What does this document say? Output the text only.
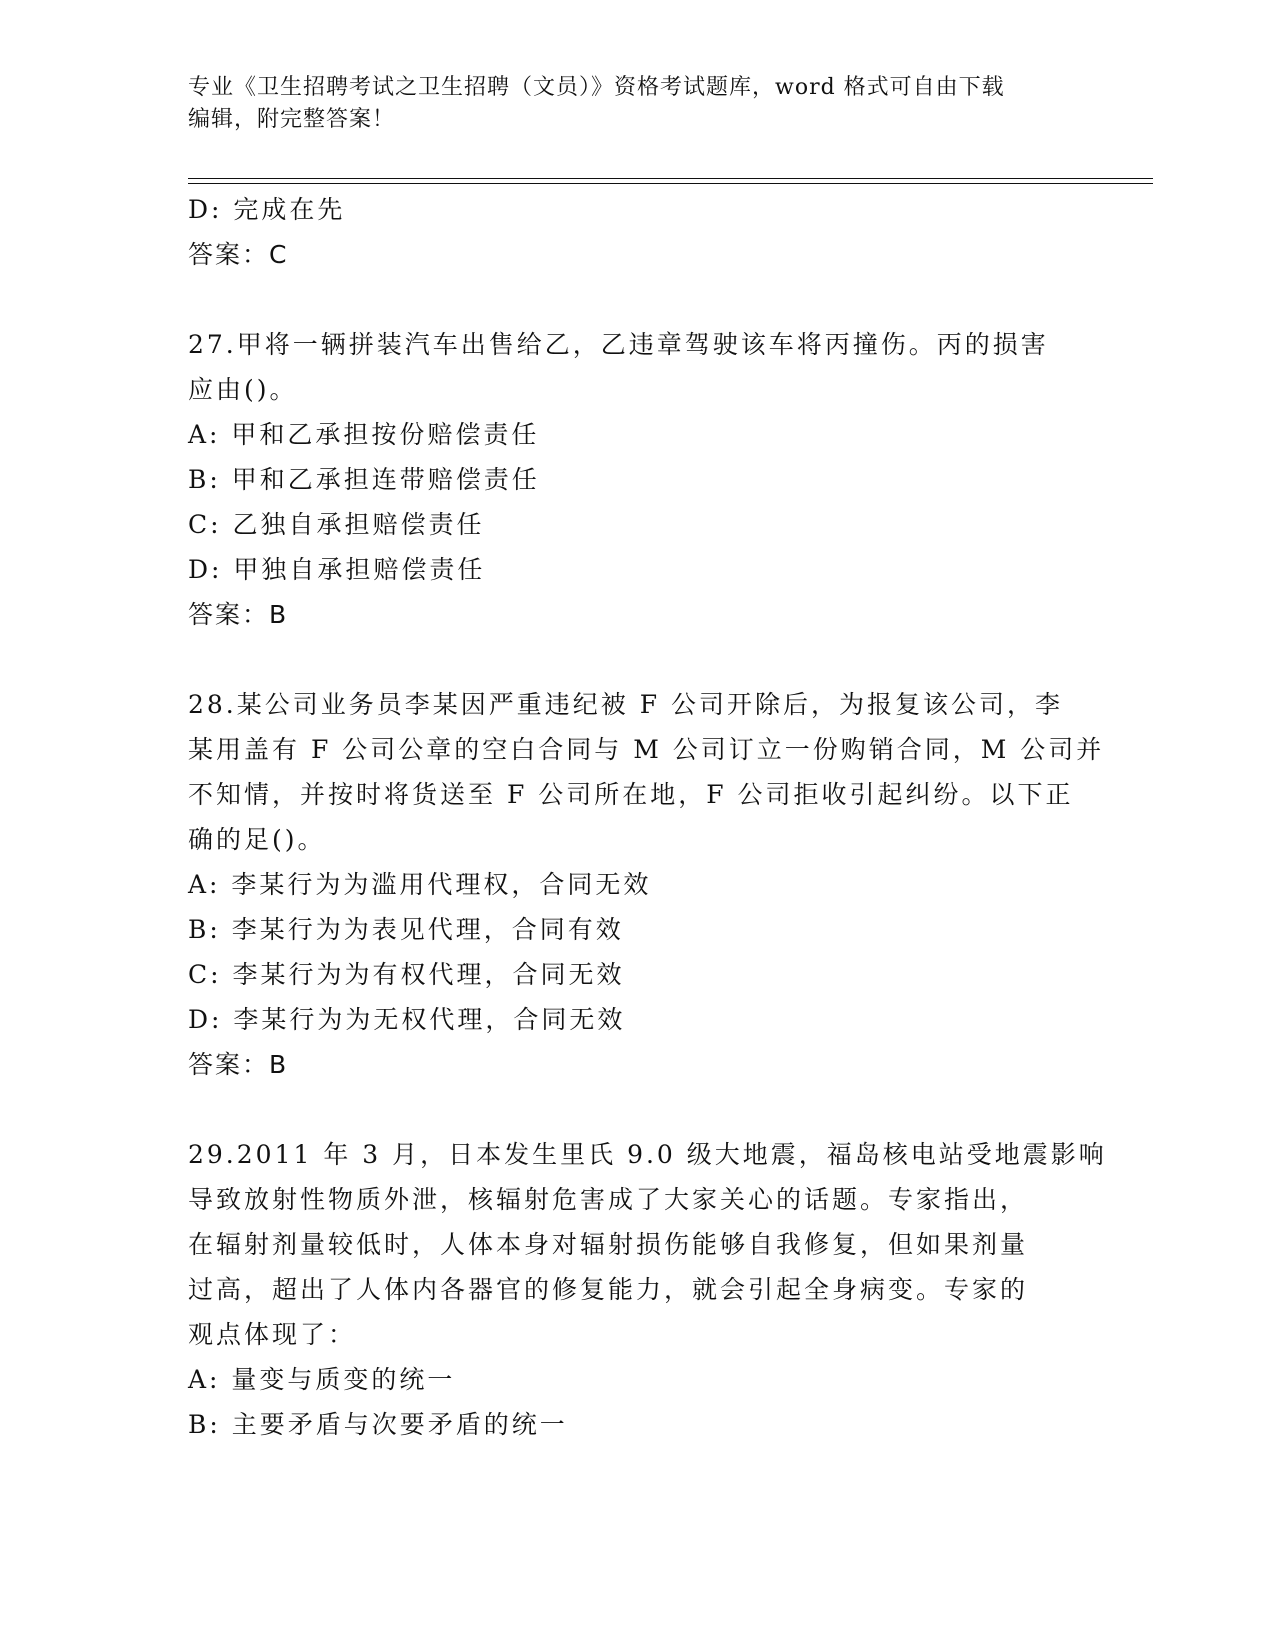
专业《卫生招聘考试之卫生招聘（文员）》资格考试题库，word 格式可自由下载
编辑，附完整答案！
D: 完成在先
答案：C
27.甲将一辆拼装汽车出售给乙，乙违章驾驶该车将丙撞伤。丙的损害
应由()。
A: 甲和乙承担按份赔偿责任
B: 甲和乙承担连带赔偿责任
C: 乙独自承担赔偿责任
D: 甲独自承担赔偿责任
答案：B
28.某公司业务员李某因严重违纪被 F 公司开除后，为报复该公司，李
某用盖有 F 公司公章的空白合同与 M 公司订立一份购销合同，M 公司并
不知情，并按时将货送至 F 公司所在地，F 公司拒收引起纠纷。以下正
确的足()。
A: 李某行为为滥用代理权，合同无效
B: 李某行为为表见代理，合同有效
C: 李某行为为有权代理，合同无效
D: 李某行为为无权代理，合同无效
答案：B
29.2011 年 3 月，日本发生里氏 9.0 级大地震，福岛核电站受地震影响
导致放射性物质外泄，核辐射危害成了大家关心的话题。专家指出，
在辐射剂量较低时，人体本身对辐射损伤能够自我修复，但如果剂量
过高，超出了人体内各器官的修复能力，就会引起全身病变。专家的
观点体现了：
A: 量变与质变的统一
B: 主要矛盾与次要矛盾的统一
